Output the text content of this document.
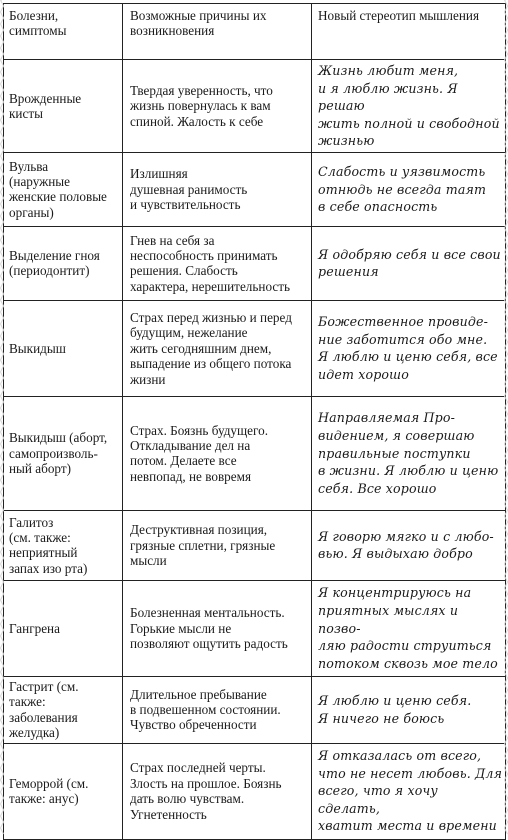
Болезни, симптомы	Возможные причины их возникновения	Новый стереотип мышления

Врожденные
кисты	Твердая уверенность, что
жизнь повернулась к вам
спиной. Жалость к себе	Жизнь любит меня,
и я люблю жизнь. Я решаю
жить полной и свободной
жизнью

Вульва
(наружные
женские половые
органы)	Излишняя
душевная ранимость
и чувствительность	Слабость и уязвимость
отнюдь не всегда таят
в себе опасность

Выделение гноя
(периодонтит)	Гнев на себя за
неспособность принимать
решения. Слабость
характера, нерешительность	Я одобряю себя и все свои
решения

Выкидыш	Страх перед жизнью и перед
будущим, нежелание
жить сегодняшним днем,
выпадение из общего потока
жизни	Божественное провиде-
ние заботится обо мне.
Я люблю и ценю себя, все
идет хорошо

Выкидыш (аборт,
самопроизволь-
ный аборт)	Страх. Боязнь будущего.
Откладывание дел на
потом. Делаете все
невпопад, не вовремя	Направляемая Про-
видением, я совершаю
правильные поступки
в жизни. Я люблю и ценю
себя. Все хорошо

Галитоз
(см. также:
неприятный
запах изо рта)	Деструктивная позиция,
грязные сплетни, грязные
мысли	Я говорю мягко и с любо-
вью. Я выдыхаю добро

Гангрена	Болезненная ментальность.
Горькие мысли не
позволяют ощутить радость	Я концентрируюсь на
приятных мыслях и позво-
ляю радости струиться
потоком сквозь мое тело

Гастрит (см. также:
заболевания
желудка)	Длительное пребывание
в подвешенном состоянии.
Чувство обреченности	Я люблю и ценю себя.
Я ничего не боюсь

Геморрой (см.
также: анус)	Страх последней черты.
Злость на прошлое. Боязнь
дать волю чувствам.
Угнетенность	Я отказалась от всего,
что не несет любовь. Для
всего, что я хочу сделать,
хватит места и времени
